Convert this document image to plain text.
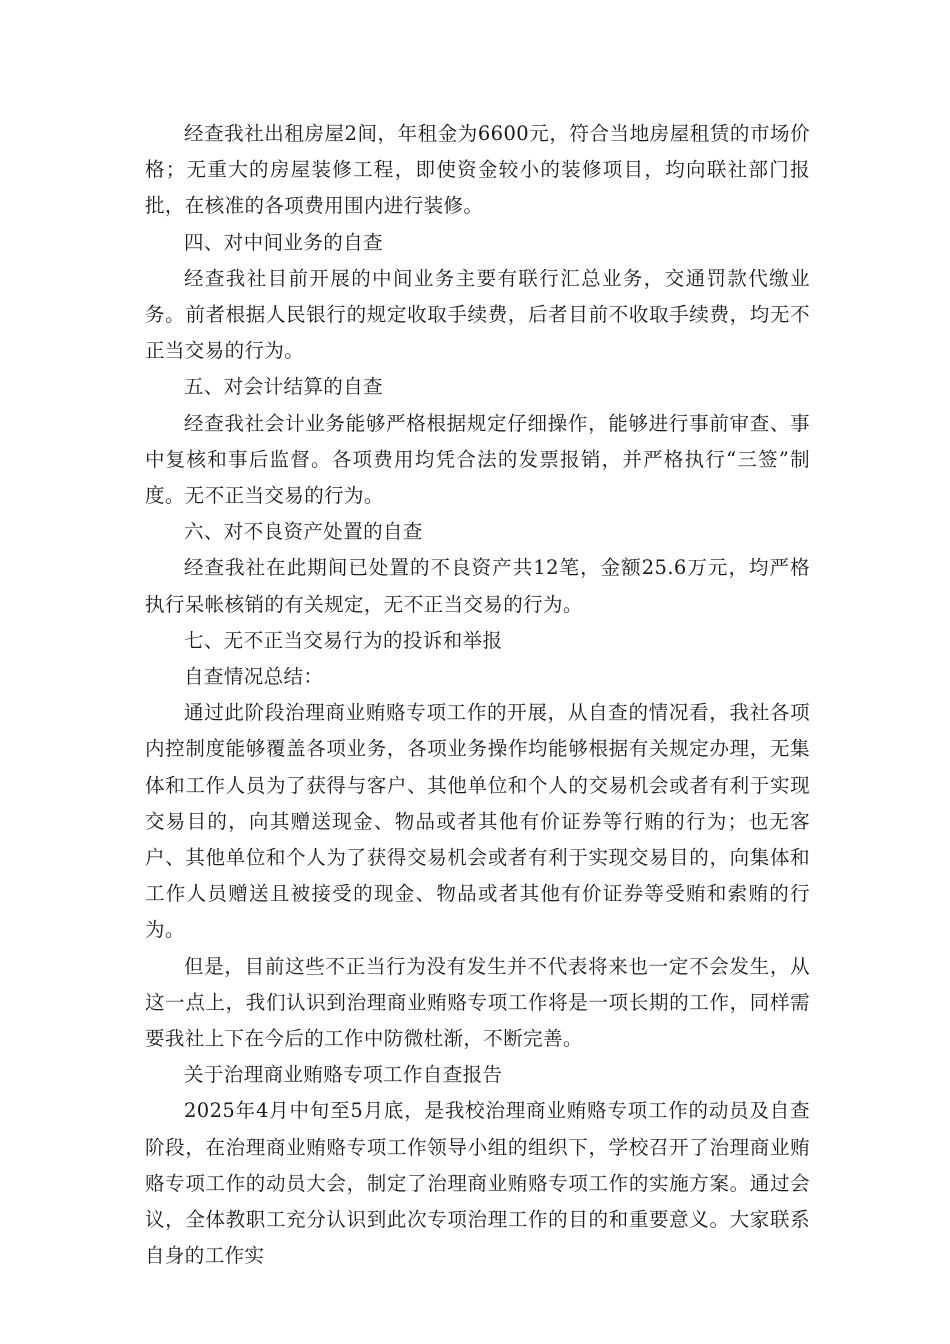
经查我社出租房屋2间，年租金为6600元，符合当地房屋租赁的市场价格；无重大的房屋装修工程，即使资金较小的装修项目，均向联社部门报批，在核准的各项费用围内进行装修。

四、对中间业务的自查

经查我社目前开展的中间业务主要有联行汇总业务，交通罚款代缴业务。前者根据人民银行的规定收取手续费，后者目前不收取手续费，均无不正当交易的行为。

五、对会计结算的自查

经查我社会计业务能够严格根据规定仔细操作，能够进行事前审查、事中复核和事后监督。各项费用均凭合法的发票报销，并严格执行“三签”制度。无不正当交易的行为。

六、对不良资产处置的自查

经查我社在此期间已处置的不良资产共12笔，金额25.6万元，均严格执行呆帐核销的有关规定，无不正当交易的行为。

七、无不正当交易行为的投诉和举报

自查情况总结：

通过此阶段治理商业贿赂专项工作的开展，从自查的情况看，我社各项内控制度能够覆盖各项业务，各项业务操作均能够根据有关规定办理，无集体和工作人员为了获得与客户、其他单位和个人的交易机会或者有利于实现交易目的，向其赠送现金、物品或者其他有价证券等行贿的行为；也无客户、其他单位和个人为了获得交易机会或者有利于实现交易目的，向集体和工作人员赠送且被接受的现金、物品或者其他有价证券等受贿和索贿的行为。

但是，目前这些不正当行为没有发生并不代表将来也一定不会发生，从这一点上，我们认识到治理商业贿赂专项工作将是一项长期的工作，同样需要我社上下在今后的工作中防微杜渐，不断完善。

关于治理商业贿赂专项工作自查报告

2025年4月中旬至5月底，是我校治理商业贿赂专项工作的动员及自查阶段，在治理商业贿赂专项工作领导小组的组织下，学校召开了治理商业贿赂专项工作的动员大会，制定了治理商业贿赂专项工作的实施方案。通过会议，全体教职工充分认识到此次专项治理工作的目的和重要意义。大家联系自身的工作实
